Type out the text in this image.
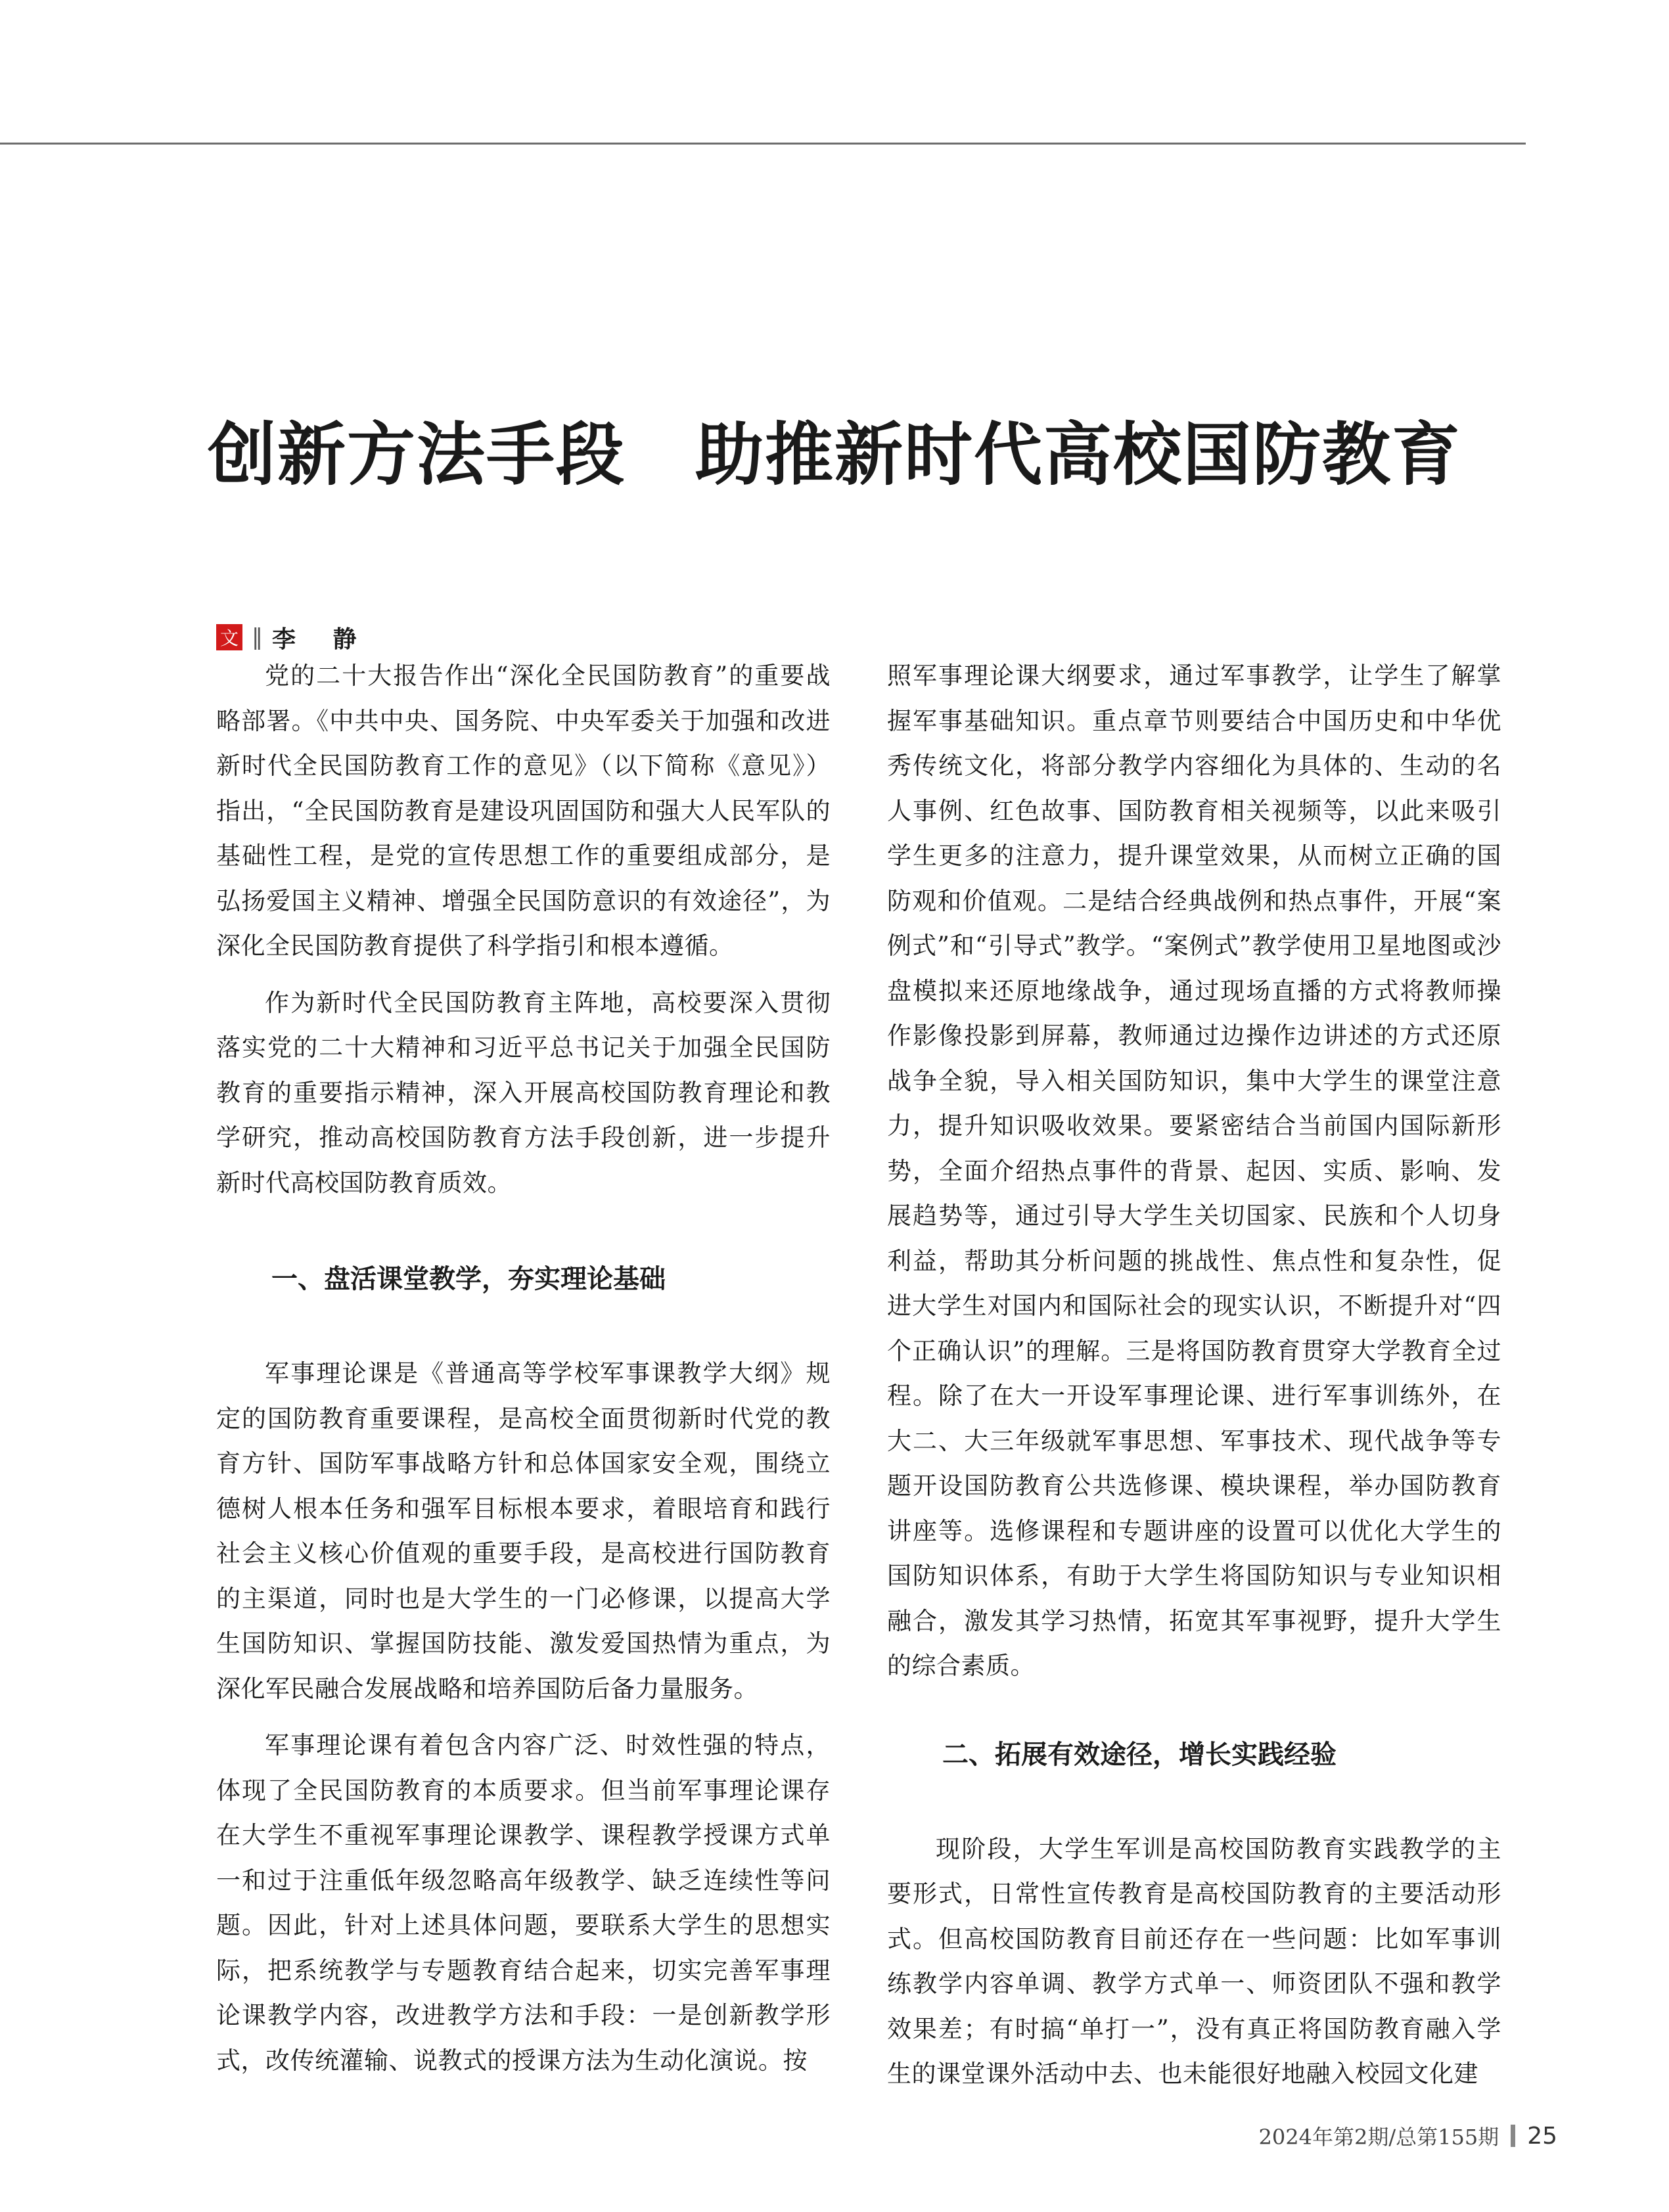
创新方法手段　助推新时代高校国防教育
文 ‖ 李 静

党的二十大报告作出“深化全民国防教育”的重要战略部署。《中共中央、国务院、中央军委关于加强和改进新时代全民国防教育工作的意见》（以下简称《意见》）指出，“全民国防教育是建设巩固国防和强大人民军队的基础性工程，是党的宣传思想工作的重要组成部分，是弘扬爱国主义精神、增强全民国防意识的有效途径”，为深化全民国防教育提供了科学指引和根本遵循。

作为新时代全民国防教育主阵地，高校要深入贯彻落实党的二十大精神和习近平总书记关于加强全民国防教育的重要指示精神，深入开展高校国防教育理论和教学研究，推动高校国防教育方法手段创新，进一步提升新时代高校国防教育质效。

一、盘活课堂教学，夯实理论基础

军事理论课是《普通高等学校军事课教学大纲》规定的国防教育重要课程，是高校全面贯彻新时代党的教育方针、国防军事战略方针和总体国家安全观，围绕立德树人根本任务和强军目标根本要求，着眼培育和践行社会主义核心价值观的重要手段，是高校进行国防教育的主渠道，同时也是大学生的一门必修课，以提高大学生国防知识、掌握国防技能、激发爱国热情为重点，为深化军民融合发展战略和培养国防后备力量服务。

军事理论课有着包含内容广泛、时效性强的特点，体现了全民国防教育的本质要求。但当前军事理论课存在大学生不重视军事理论课教学、课程教学授课方式单一和过于注重低年级忽略高年级教学、缺乏连续性等问题。因此，针对上述具体问题，要联系大学生的思想实际，把系统教学与专题教育结合起来，切实完善军事理论课教学内容，改进教学方法和手段：一是创新教学形式，改传统灌输、说教式的授课方法为生动化演说。按

照军事理论课大纲要求，通过军事教学，让学生了解掌握军事基础知识。重点章节则要结合中国历史和中华优秀传统文化，将部分教学内容细化为具体的、生动的名人事例、红色故事、国防教育相关视频等，以此来吸引学生更多的注意力，提升课堂效果，从而树立正确的国防观和价值观。二是结合经典战例和热点事件，开展“案例式”和“引导式”教学。“案例式”教学使用卫星地图或沙盘模拟来还原地缘战争，通过现场直播的方式将教师操作影像投影到屏幕，教师通过边操作边讲述的方式还原战争全貌，导入相关国防知识，集中大学生的课堂注意力，提升知识吸收效果。要紧密结合当前国内国际新形势，全面介绍热点事件的背景、起因、实质、影响、发展趋势等，通过引导大学生关切国家、民族和个人切身利益，帮助其分析问题的挑战性、焦点性和复杂性，促进大学生对国内和国际社会的现实认识，不断提升对“四个正确认识”的理解。三是将国防教育贯穿大学教育全过程。除了在大一开设军事理论课、进行军事训练外，在大二、大三年级就军事思想、军事技术、现代战争等专题开设国防教育公共选修课、模块课程，举办国防教育讲座等。选修课程和专题讲座的设置可以优化大学生的国防知识体系，有助于大学生将国防知识与专业知识相融合，激发其学习热情，拓宽其军事视野，提升大学生的综合素质。

二、拓展有效途径，增长实践经验

现阶段，大学生军训是高校国防教育实践教学的主要形式，日常性宣传教育是高校国防教育的主要活动形式。但高校国防教育目前还存在一些问题：比如军事训练教学内容单调、教学方式单一、师资团队不强和教学效果差；有时搞“单打一”，没有真正将国防教育融入学生的课堂课外活动中去、也未能很好地融入校园文化建

2024年第2期/总第155期 25
